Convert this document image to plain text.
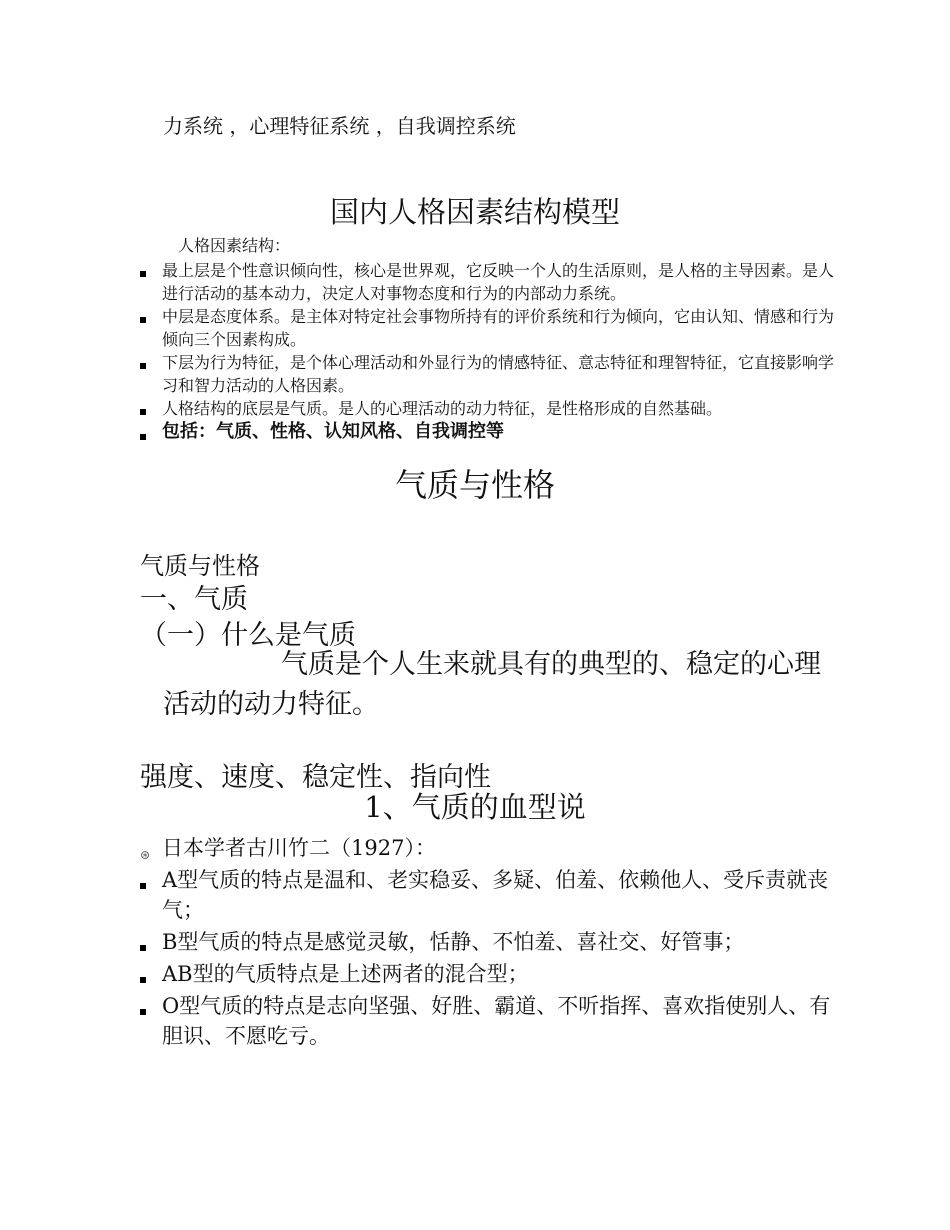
力系统 ，心理特征系统 ，自我调控系统
国内人格因素结构模型
人格因素结构：
最上层是个性意识倾向性，核心是世界观，它反映一个人的生活原则，是人格的主导因素。是人进行活动的基本动力，决定人对事物态度和行为的内部动力系统。
中层是态度体系。是主体对特定社会事物所持有的评价系统和行为倾向，它由认知、情感和行为倾向三个因素构成。
下层为行为特征，是个体心理活动和外显行为的情感特征、意志特征和理智特征，它直接影响学习和智力活动的人格因素。
人格结构的底层是气质。是人的心理活动的动力特征，是性格形成的自然基础。
包括：气质、性格、认知风格、自我调控等
气质与性格
气质与性格
一、气质
（一）什么是气质
气质是个人生来就具有的典型的、稳定的心理活动的动力特征。
强度、速度、稳定性、指向性
1、气质的血型说
⊛ 日本学者古川竹二（1927）：
A型气质的特点是温和、老实稳妥、多疑、伯羞、依赖他人、受斥责就丧气；
B型气质的特点是感觉灵敏，恬静、不怕羞、喜社交、好管事；
AB型的气质特点是上述两者的混合型；
O型气质的特点是志向坚强、好胜、霸道、不听指挥、喜欢指使别人、有胆识、不愿吃亏。
